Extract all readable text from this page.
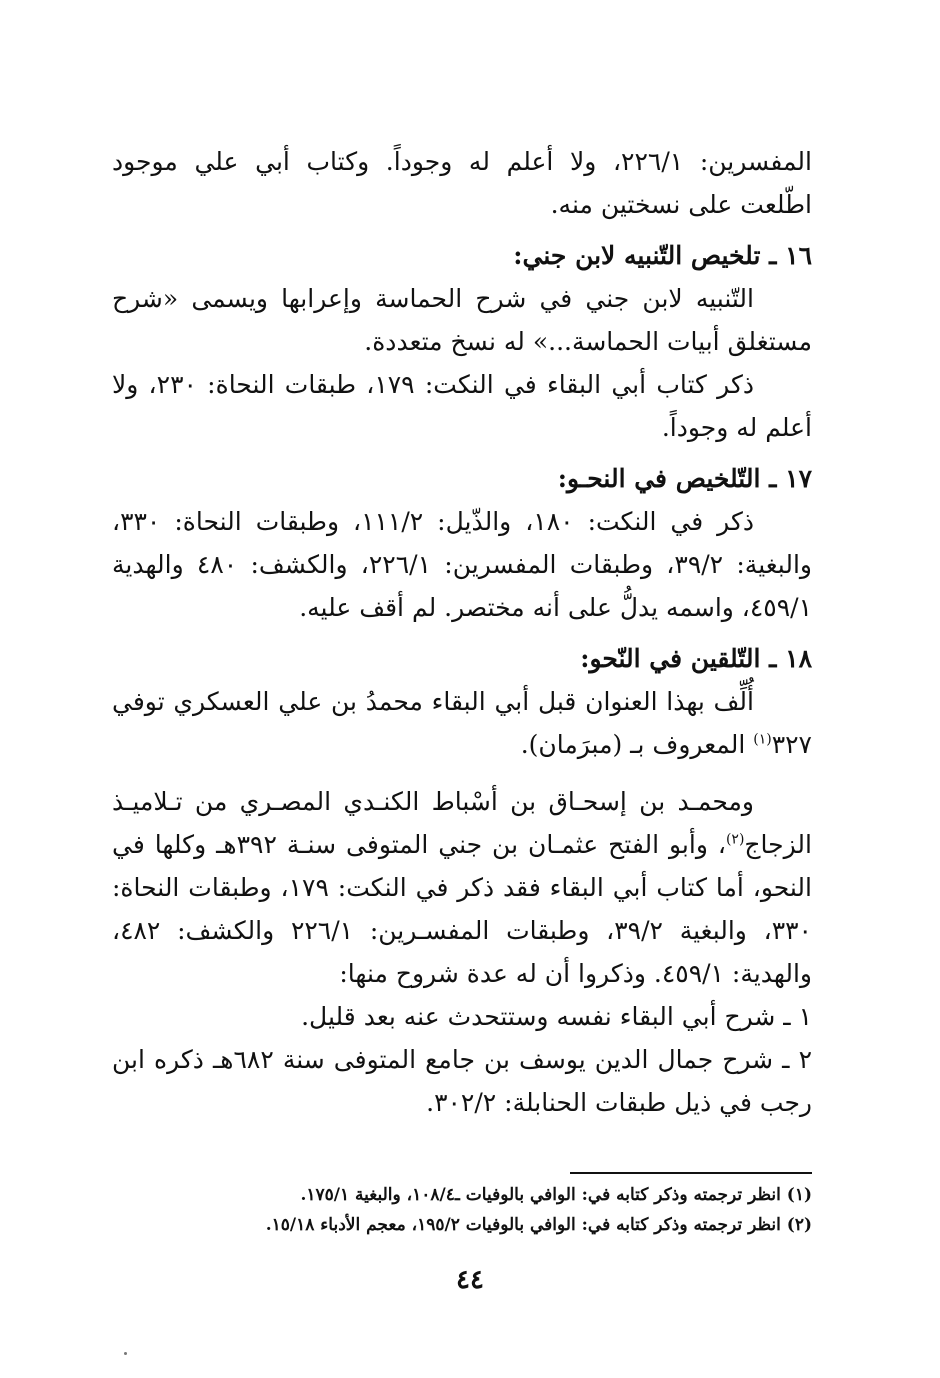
المفسرين: ٢٢٦/١، ولا أعلم له وجوداً. وكتاب أبي علي موجود اطّلعت على نسختين منه.

١٦ ـ تلخيص التّنبيه لابن جني:

التّنبيه لابن جني في شرح الحماسة وإعرابها ويسمى «شرح مستغلق أبيات الحماسة...» له نسخ متعددة.

ذكر كتاب أبي البقاء في النكت: ١٧٩، طبقات النحاة: ٢٣٠، ولا أعلم له وجوداً.

١٧ ـ التّلخيص في النحـو:

ذكر في النكت: ١٨٠، والذّيل: ١١١/٢، وطبقات النحاة: ٣٣٠، والبغية: ٣٩/٢، وطبقات المفسرين: ٢٢٦/١، والكشف: ٤٨٠ والهدية ٤٥٩/١، واسمه يدلُّ على أنه مختصر. لم أقف عليه.

١٨ ـ التّلقين في النّحو:

أُلِّف بهذا العنوان قبل أبي البقاء محمدُ بن علي العسكري توفي ٣٢٧$^{(١)}$ المعروف بـ (مبرَمان).

ومحمـد بن إسحـاق بن أسْباط الكنـدي المصـري من تـلاميـذ الزجاج$^{(٢)}$، وأبو الفتح عثمـان بن جني المتوفى سنـة ٣٩٢هـ وكلها في النحو، أما كتاب أبي البقاء فقد ذكر في النكت: ١٧٩، وطبقات النحاة: ٣٣٠، والبغية ٣٩/٢، وطبقات المفسـرين: ٢٢٦/١ والكشف: ٤٨٢، والهدية: ٤٥٩/١. وذكروا أن له عدة شروح منها:

١ ـ شرح أبي البقاء نفسه وستتحدث عنه بعد قليل.

٢ ـ شرح جمال الدين يوسف بن جامع المتوفى سنة ٦٨٢هـ ذكره ابن رجب في ذيل طبقات الحنابلة: ٣٠٢/٢.

(١) انظر ترجمته وذكر كتابه في: الوافي بالوفيات ـ١٠٨/٤، والبغية ١٧٥/١.

(٢) انظر ترجمته وذكر كتابه في: الوافي بالوفيات ١٩٥/٢، معجم الأدباء ١٥/١٨.

٤٤
